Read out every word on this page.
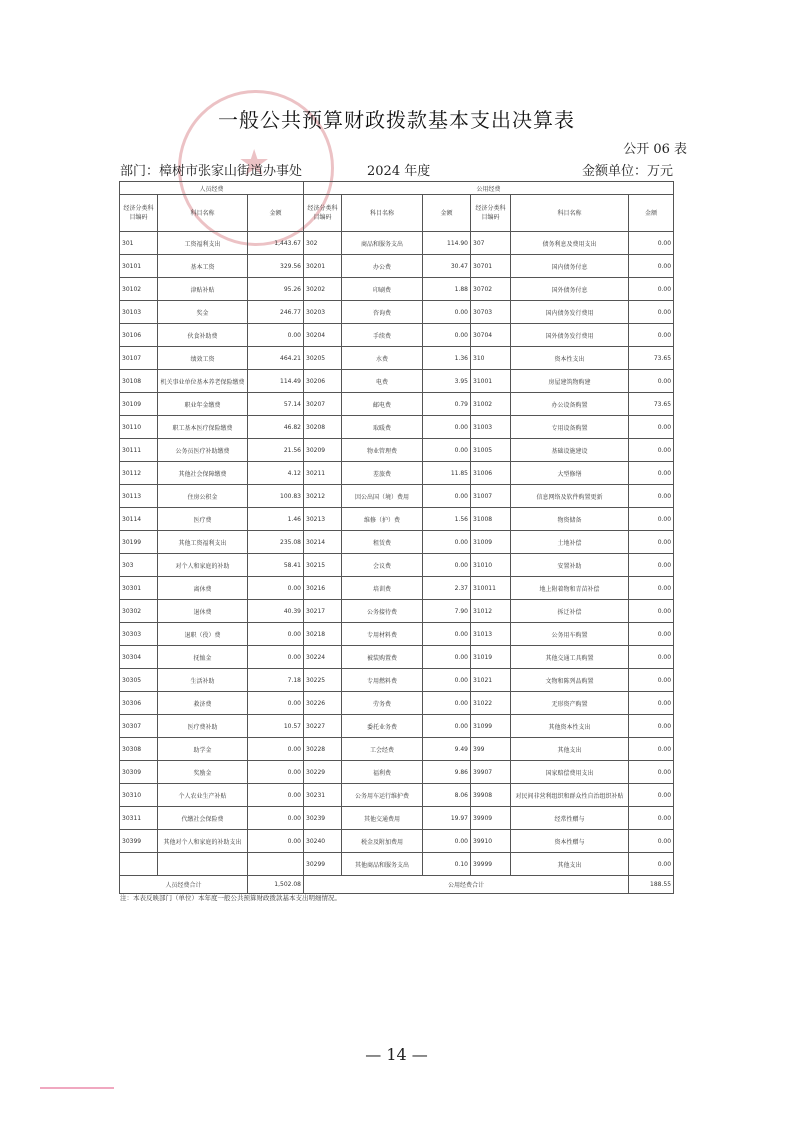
★
一般公共预算财政拨款基本支出决算表
公开 06 表
部门：樟树市张家山街道办事处	2024 年度	金额单位：万元
人员经费			公用经费					
经济分类科目编码	科目名称	金额	经济分类科目编码	科目名称	金额	经济分类科目编码	科目名称	金额
301	工资福利支出	1,443.67	302	商品和服务支出	114.90	307	债务利息及费用支出	0.00
30101	基本工资	329.56	30201	办公费	30.47	30701	国内债务付息	0.00
30102	津贴补贴	95.26	30202	印刷费	1.88	30702	国外债务付息	0.00
30103	奖金	246.77	30203	咨询费	0.00	30703	国内债务发行费用	0.00
30106	伙食补助费	0.00	30204	手续费	0.00	30704	国外债务发行费用	0.00
30107	绩效工资	464.21	30205	水费	1.36	310	资本性支出	73.65
30108	机关事业单位基本养老保险缴费	114.49	30206	电费	3.95	31001	房屋建筑物购建	0.00
30109	职业年金缴费	57.14	30207	邮电费	0.79	31002	办公设备购置	73.65
30110	职工基本医疗保险缴费	46.82	30208	取暖费	0.00	31003	专用设备购置	0.00
30111	公务员医疗补助缴费	21.56	30209	物业管理费	0.00	31005	基础设施建设	0.00
30112	其他社会保障缴费	4.12	30211	差旅费	11.85	31006	大型修缮	0.00
30113	住房公积金	100.83	30212	因公出国（境）费用	0.00	31007	信息网络及软件购置更新	0.00
30114	医疗费	1.46	30213	维修（护）费	1.56	31008	物资储备	0.00
30199	其他工资福利支出	235.08	30214	租赁费	0.00	31009	土地补偿	0.00
303	对个人和家庭的补助	58.41	30215	会议费	0.00	31010	安置补助	0.00
30301	离休费	0.00	30216	培训费	2.37	310011	地上附着物和青苗补偿	0.00
30302	退休费	40.39	30217	公务接待费	7.90	31012	拆迁补偿	0.00
30303	退职（役）费	0.00	30218	专用材料费	0.00	31013	公务用车购置	0.00
30304	抚恤金	0.00	30224	被装购置费	0.00	31019	其他交通工具购置	0.00
30305	生活补助	7.18	30225	专用燃料费	0.00	31021	文物和陈列品购置	0.00
30306	救济费	0.00	30226	劳务费	0.00	31022	无形资产购置	0.00
30307	医疗费补助	10.57	30227	委托业务费	0.00	31099	其他资本性支出	0.00
30308	助学金	0.00	30228	工会经费	9.49	399	其他支出	0.00
30309	奖励金	0.00	30229	福利费	9.86	39907	国家赔偿费用支出	0.00
30310	个人农业生产补贴	0.00	30231	公务用车运行维护费	8.06	39908	对民间非营利组织和群众性自治组织补贴	0.00
30311	代缴社会保险费	0.00	30239	其他交通费用	19.97	39909	经常性赠与	0.00
30399	其他对个人和家庭的补助支出	0.00	30240	税金及附加费用	0.00	39910	资本性赠与	0.00
			30299	其他商品和服务支出	0.10	39999	其他支出	0.00
人员经费合计		1,502.08	公用经费合计					188.55
注：本表反映部门（单位）本年度一般公共预算财政拨款基本支出明细情况。
— 14 —
